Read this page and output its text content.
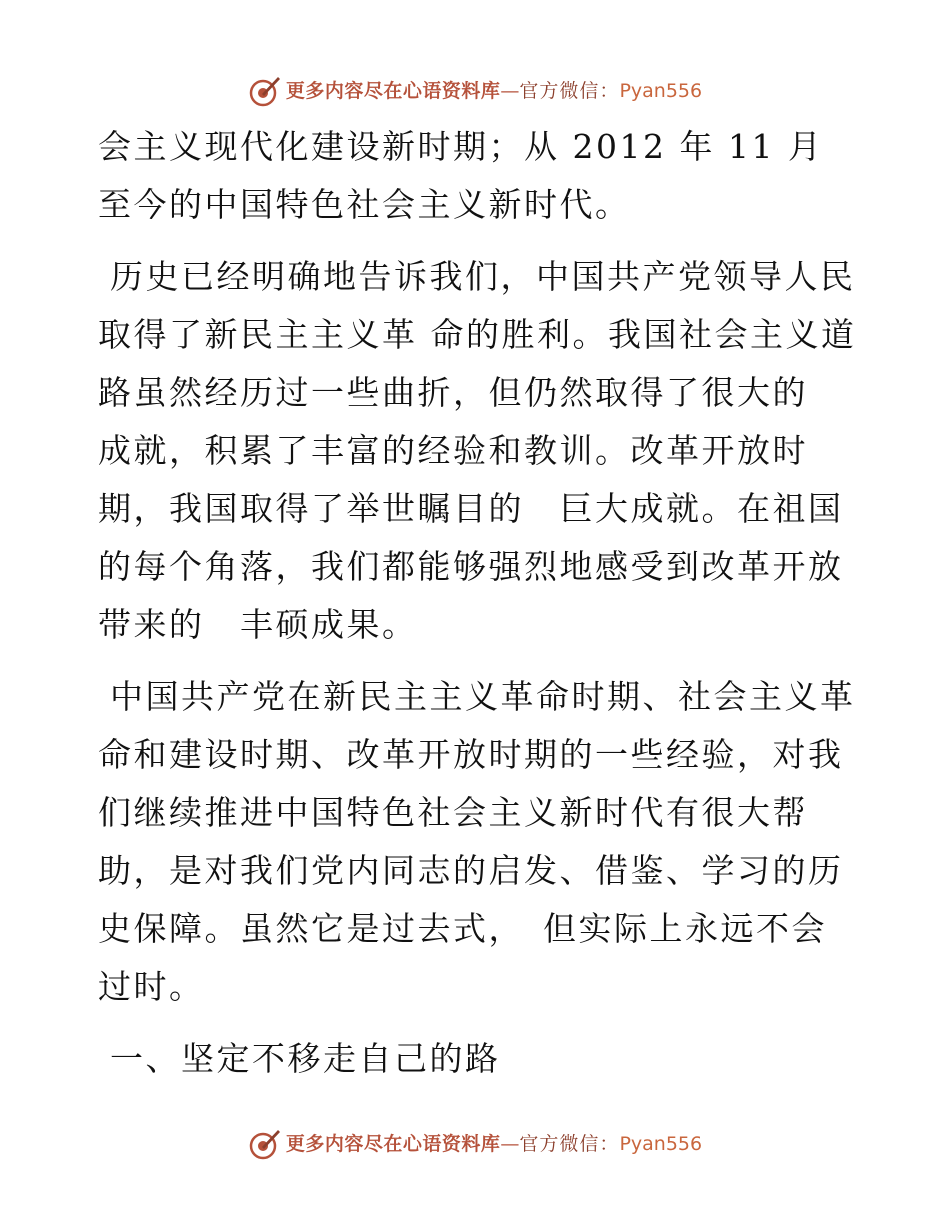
更多内容尽在心语资料库 — 官方微信： Pyan556

会主义现代化建设新时期；从 2012 年 11 月至今的中国特色社会主义新时代。

历史已经明确地告诉我们，中国共产党领导人民取得了新民主主义革 命的胜利。我国社会主义道路虽然经历过一些曲折，但仍然取得了很大的　成就，积累了丰富的经验和教训。改革开放时期，我国取得了举世瞩目的　巨大成就。在祖国的每个角落，我们都能够强烈地感受到改革开放带来的　丰硕成果。

中国共产党在新民主主义革命时期、社会主义革命和建设时期、改革开放时期的一些经验，对我们继续推进中国特色社会主义新时代有很大帮助，是对我们党内同志的启发、借鉴、学习的历史保障。虽然它是过去式，　但实际上永远不会过时。

一、坚定不移走自己的路

更多内容尽在心语资料库 — 官方微信： Pyan556
